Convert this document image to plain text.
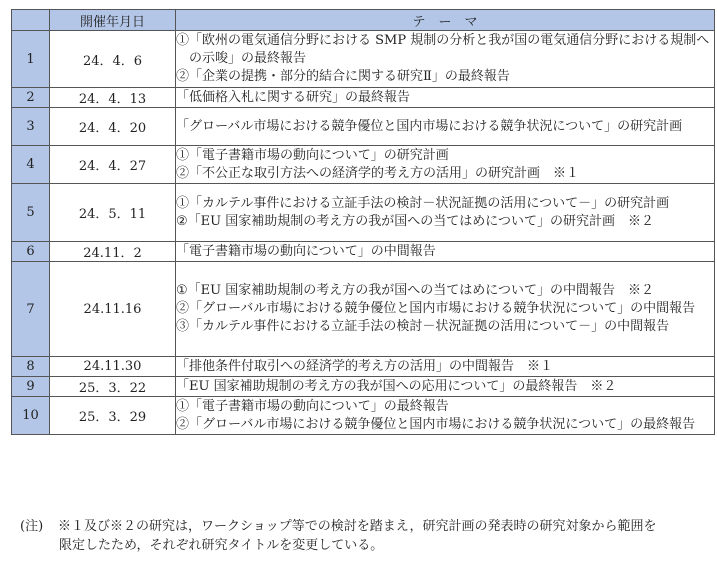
	開催年月日	テ　ー　マ
1	24．4．6	①「欧州の電気通信分野における SMP 規制の分析と我が国の電気通信分野における規制への示唆」の最終報告
②「企業の提携・部分的結合に関する研究Ⅱ」の最終報告

2	24．4．13	「低価格入札に関する研究」の最終報告

3	24．4．20	「グローバル市場における競争優位と国内市場における競争状況について」の研究計画

4	24．4．27	①「電子書籍市場の動向について」の研究計画
②「不公正な取引方法への経済学的考え方の活用」の研究計画　※１

5	24．5．11	①「カルテル事件における立証手法の検討－状況証拠の活用について－」の研究計画
②「EU 国家補助規制の考え方の我が国への当てはめについて」の研究計画　※２

6	24.11．2	「電子書籍市場の動向について」の中間報告

7	24.11.16	①「EU 国家補助規制の考え方の我が国への当てはめについて」の中間報告　※２
②「グローバル市場における競争優位と国内市場における競争状況について」の中間報告
③「カルテル事件における立証手法の検討－状況証拠の活用について－」の中間報告

8	24.11.30	「排他条件付取引への経済学的考え方の活用」の中間報告　※１

9	25．3．22	「EU 国家補助規制の考え方の我が国への応用について」の最終報告　※２

10	25．3．29	①「電子書籍市場の動向について」の最終報告
②「グローバル市場における競争優位と国内市場における競争状況について」の最終報告
(注) ※１及び※２の研究は，ワークショップ等での検討を踏まえ，研究計画の発表時の研究対象から範囲を
限定したため，それぞれ研究タイトルを変更している。
